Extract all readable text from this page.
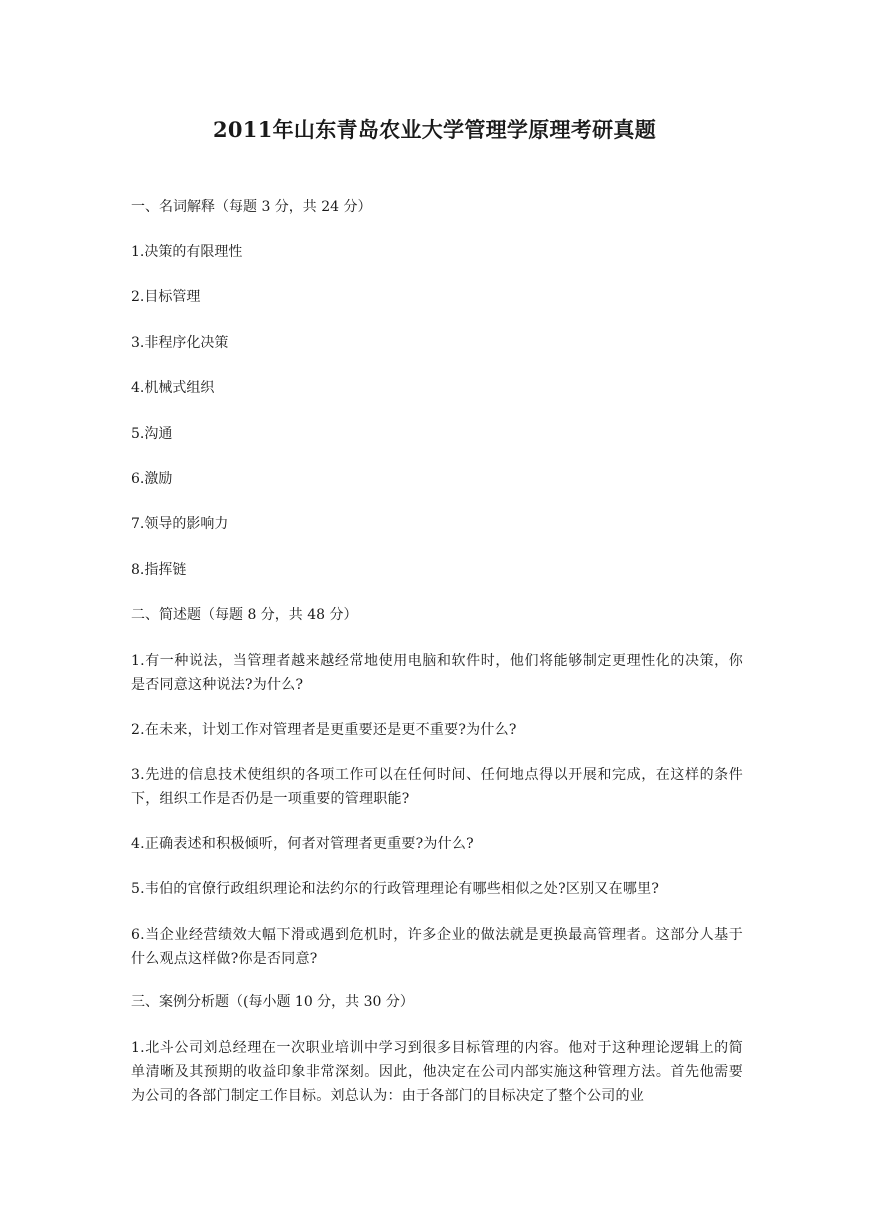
2011年山东青岛农业大学管理学原理考研真题
一、名词解释（每题 3 分，共 24 分）
1.决策的有限理性
2.目标管理
3.非程序化决策
4.机械式组织
5.沟通
6.激励
7.领导的影响力
8.指挥链
二、简述题（每题 8 分，共 48 分）
1.有一种说法，当管理者越来越经常地使用电脑和软件时，他们将能够制定更理性化的决策，你是否同意这种说法?为什么?
2.在未来，计划工作对管理者是更重要还是更不重要?为什么?
3.先进的信息技术使组织的各项工作可以在任何时间、任何地点得以开展和完成，在这样的条件下，组织工作是否仍是一项重要的管理职能?
4.正确表述和积极倾听，何者对管理者更重要?为什么?
5.韦伯的官僚行政组织理论和法约尔的行政管理理论有哪些相似之处?区别又在哪里?
6.当企业经营绩效大幅下滑或遇到危机时，许多企业的做法就是更换最高管理者。这部分人基于什么观点这样做?你是否同意?
三、案例分析题（(每小题 10 分，共 30 分）
1.北斗公司刘总经理在一次职业培训中学习到很多目标管理的内容。他对于这种理论逻辑上的简单清晰及其预期的收益印象非常深刻。因此，他决定在公司内部实施这种管理方法。首先他需要为公司的各部门制定工作目标。刘总认为：由于各部门的目标决定了整个公司的业
